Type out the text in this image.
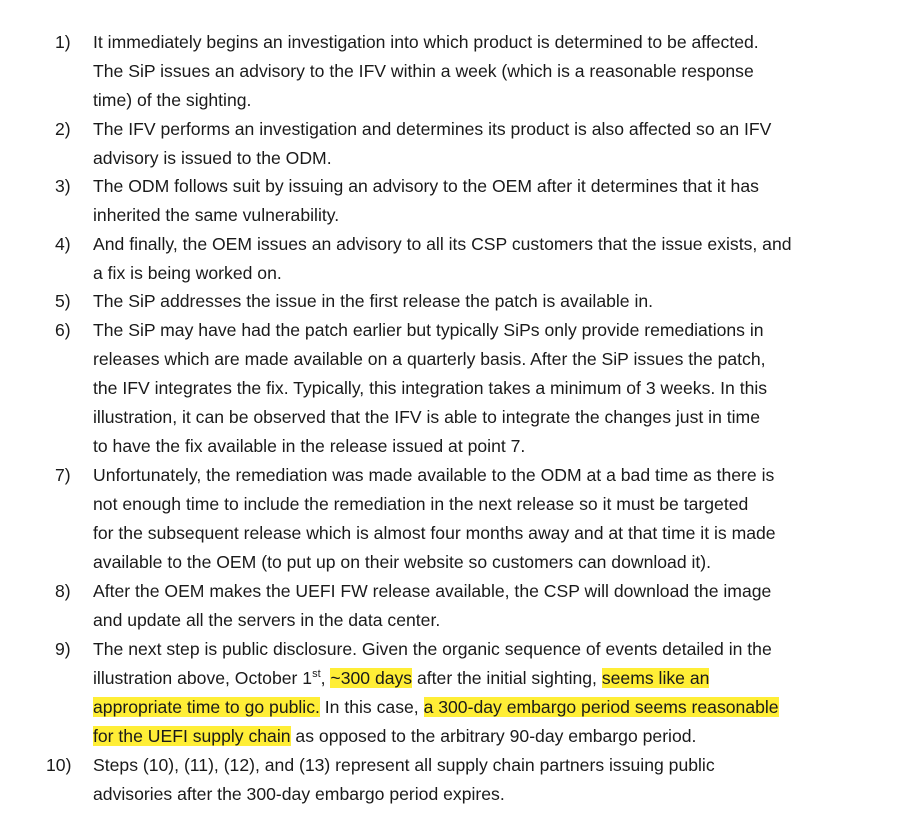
1) It immediately begins an investigation into which product is determined to be affected.
The SiP issues an advisory to the IFV within a week (which is a reasonable response
time) of the sighting.
2) The IFV performs an investigation and determines its product is also affected so an IFV
advisory is issued to the ODM.
3) The ODM follows suit by issuing an advisory to the OEM after it determines that it has
inherited the same vulnerability.
4) And finally, the OEM issues an advisory to all its CSP customers that the issue exists, and
a fix is being worked on.
5) The SiP addresses the issue in the first release the patch is available in.
6) The SiP may have had the patch earlier but typically SiPs only provide remediations in
releases which are made available on a quarterly basis. After the SiP issues the patch,
the IFV integrates the fix. Typically, this integration takes a minimum of 3 weeks. In this
illustration, it can be observed that the IFV is able to integrate the changes just in time
to have the fix available in the release issued at point 7.
7) Unfortunately, the remediation was made available to the ODM at a bad time as there is
not enough time to include the remediation in the next release so it must be targeted
for the subsequent release which is almost four months away and at that time it is made
available to the OEM (to put up on their website so customers can download it).
8) After the OEM makes the UEFI FW release available, the CSP will download the image
and update all the servers in the data center.
9) The next step is public disclosure. Given the organic sequence of events detailed in the
illustration above, October 1st, ~300 days after the initial sighting, seems like an
appropriate time to go public. In this case, a 300-day embargo period seems reasonable
for the UEFI supply chain as opposed to the arbitrary 90-day embargo period.
10) Steps (10), (11), (12), and (13) represent all supply chain partners issuing public
advisories after the 300-day embargo period expires.
